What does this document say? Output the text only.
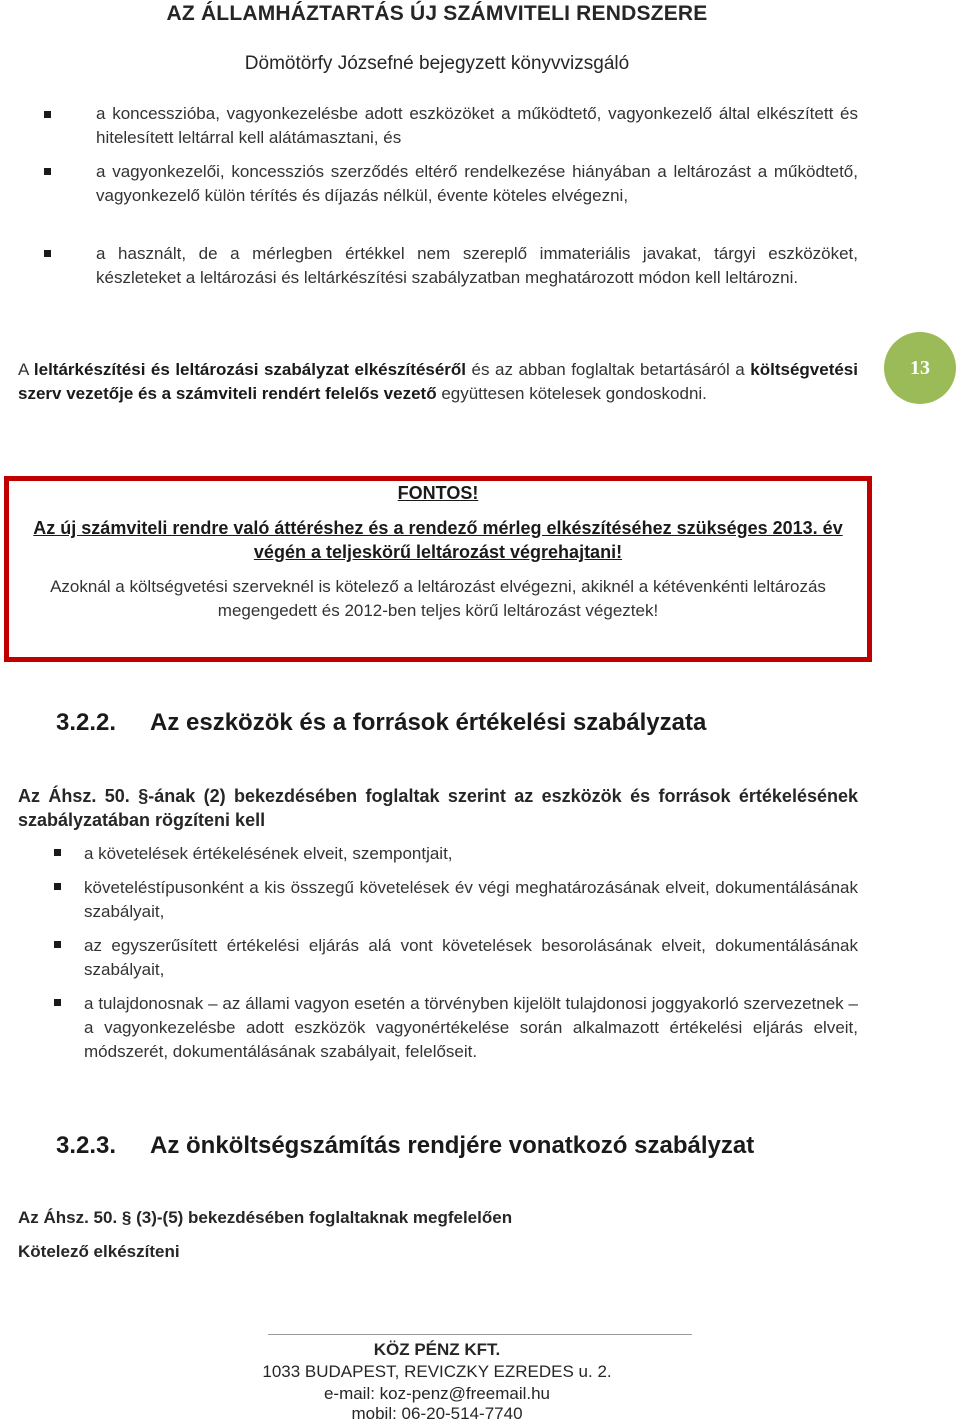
AZ ÁLLAMHÁZTARTÁS ÚJ SZÁMVITELI RENDSZERE
Dömötörfy Józsefné bejegyzett könyvvizsgáló
a koncesszióba, vagyonkezelésbe adott eszközöket a működtető, vagyonkezelő által elkészített és hitelesített leltárral kell alátámasztani, és
a vagyonkezelői, koncessziós szerződés eltérő rendelkezése hiányában a leltározást a működtető, vagyonkezelő külön térítés és díjazás nélkül, évente köteles elvégezni,
a használt, de a mérlegben értékkel nem szereplő immateriális javakat, tárgyi eszközöket, készleteket a leltározási és leltárkészítési szabályzatban meghatározott módon kell leltározni.
A leltárkészítési és leltározási szabályzat elkészítéséről és az abban foglaltak betartásáról a költségvetési szerv vezetője és a számviteli rendért felelős vezető együttesen kötelesek gondoskodni.
13
FONTOS!
Az új számviteli rendre való áttéréshez és a rendező mérleg elkészítéséhez szükséges 2013. év végén a teljeskörű leltározást végrehajtani!
Azoknál a költségvetési szerveknél is kötelező a leltározást elvégezni, akiknél a kétévenkénti leltározás megengedett és 2012-ben teljes körű leltározást végeztek!
3.2.2. Az eszközök és a források értékelési szabályzata
Az Áhsz. 50. §-ának (2) bekezdésében foglaltak szerint az eszközök és források értékelésének szabályzatában rögzíteni kell
a követelések értékelésének elveit, szempontjait,
követeléstípusonként a kis összegű követelések év végi meghatározásának elveit, dokumentálásának szabályait,
az egyszerűsített értékelési eljárás alá vont követelések besorolásának elveit, dokumentálásának szabályait,
a tulajdonosnak – az állami vagyon esetén a törvényben kijelölt tulajdonosi joggyakorló szervezetnek – a vagyonkezelésbe adott eszközök vagyonértékelése során alkalmazott értékelési eljárás elveit, módszerét, dokumentálásának szabályait, felelőseit.
3.2.3. Az önköltségszámítás rendjére vonatkozó szabályzat
Az Áhsz. 50. § (3)-(5) bekezdésében foglaltaknak megfelelően
Kötelező elkészíteni
KÖZ PÉNZ KFT.
1033 BUDAPEST, REVICZKY EZREDES u. 2.
e-mail: koz-penz@freemail.hu
mobil: 06-20-514-7740
